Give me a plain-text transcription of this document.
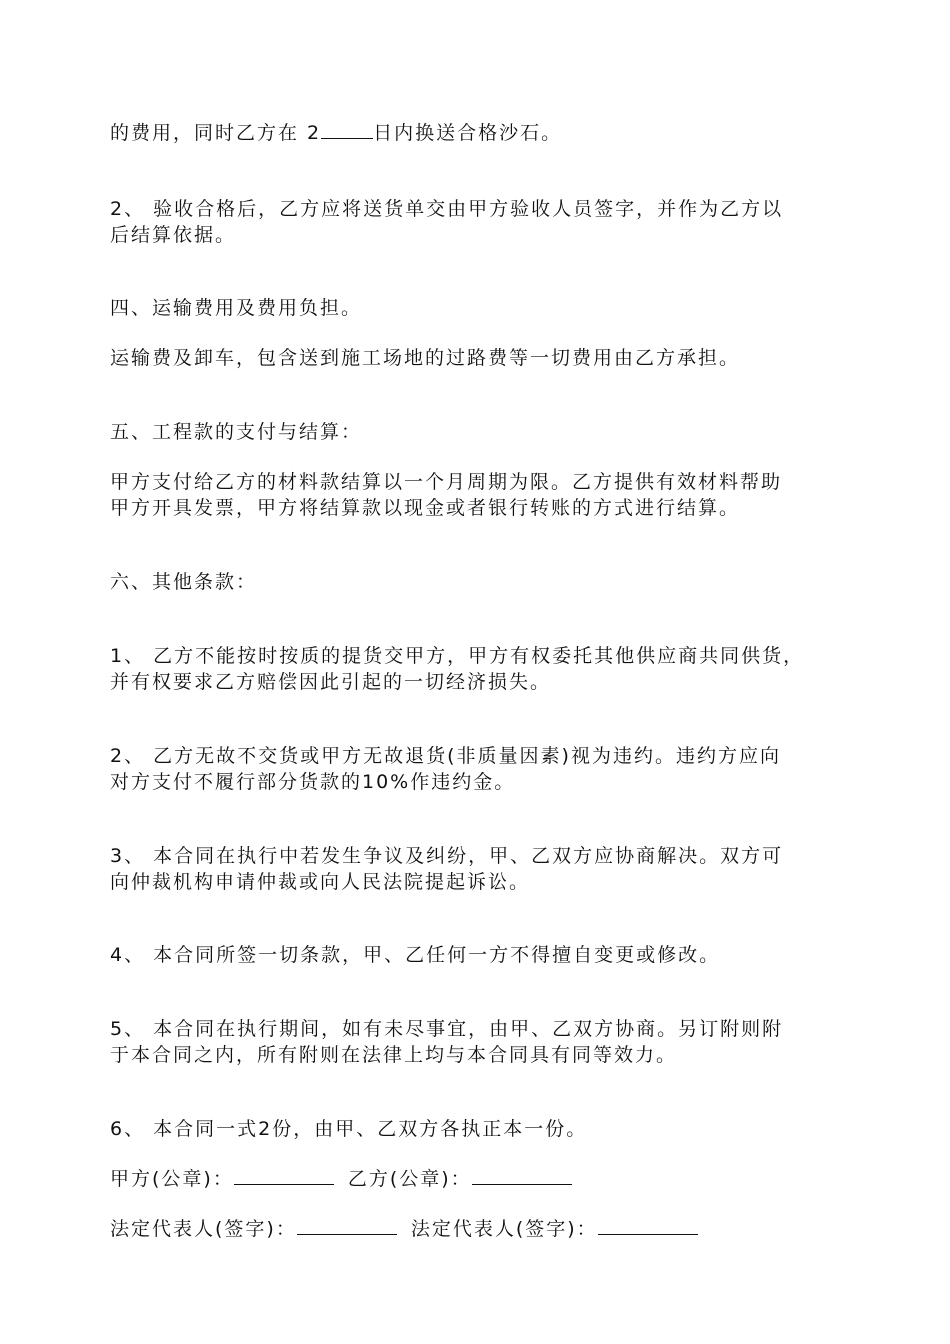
的费用，同时乙方在 2	日内换送合格沙石。
2、 验收合格后，乙方应将送货单交由甲方验收人员签字，并作为乙方以
后结算依据。
四、运输费用及费用负担。
运输费及卸车，包含送到施工场地的过路费等一切费用由乙方承担。
五、工程款的支付与结算：
甲方支付给乙方的材料款结算以一个月周期为限。乙方提供有效材料帮助
甲方开具发票，甲方将结算款以现金或者银行转账的方式进行结算。
六、其他条款：
1、 乙方不能按时按质的提货交甲方，甲方有权委托其他供应商共同供货，
并有权要求乙方赔偿因此引起的一切经济损失。
2、 乙方无故不交货或甲方无故退货(非质量因素)视为违约。违约方应向
对方支付不履行部分货款的10%作违约金。
3、 本合同在执行中若发生争议及纠纷，甲、乙双方应协商解决。双方可
向仲裁机构申请仲裁或向人民法院提起诉讼。
4、 本合同所签一切条款，甲、乙任何一方不得擅自变更或修改。
5、 本合同在执行期间，如有未尽事宜，由甲、乙双方协商。另订附则附
于本合同之内，所有附则在法律上均与本合同具有同等效力。
6、 本合同一式2份，由甲、乙双方各执正本一份。
甲方(公章)：	乙方(公章)：
法定代表人(签字)：	法定代表人(签字)：
